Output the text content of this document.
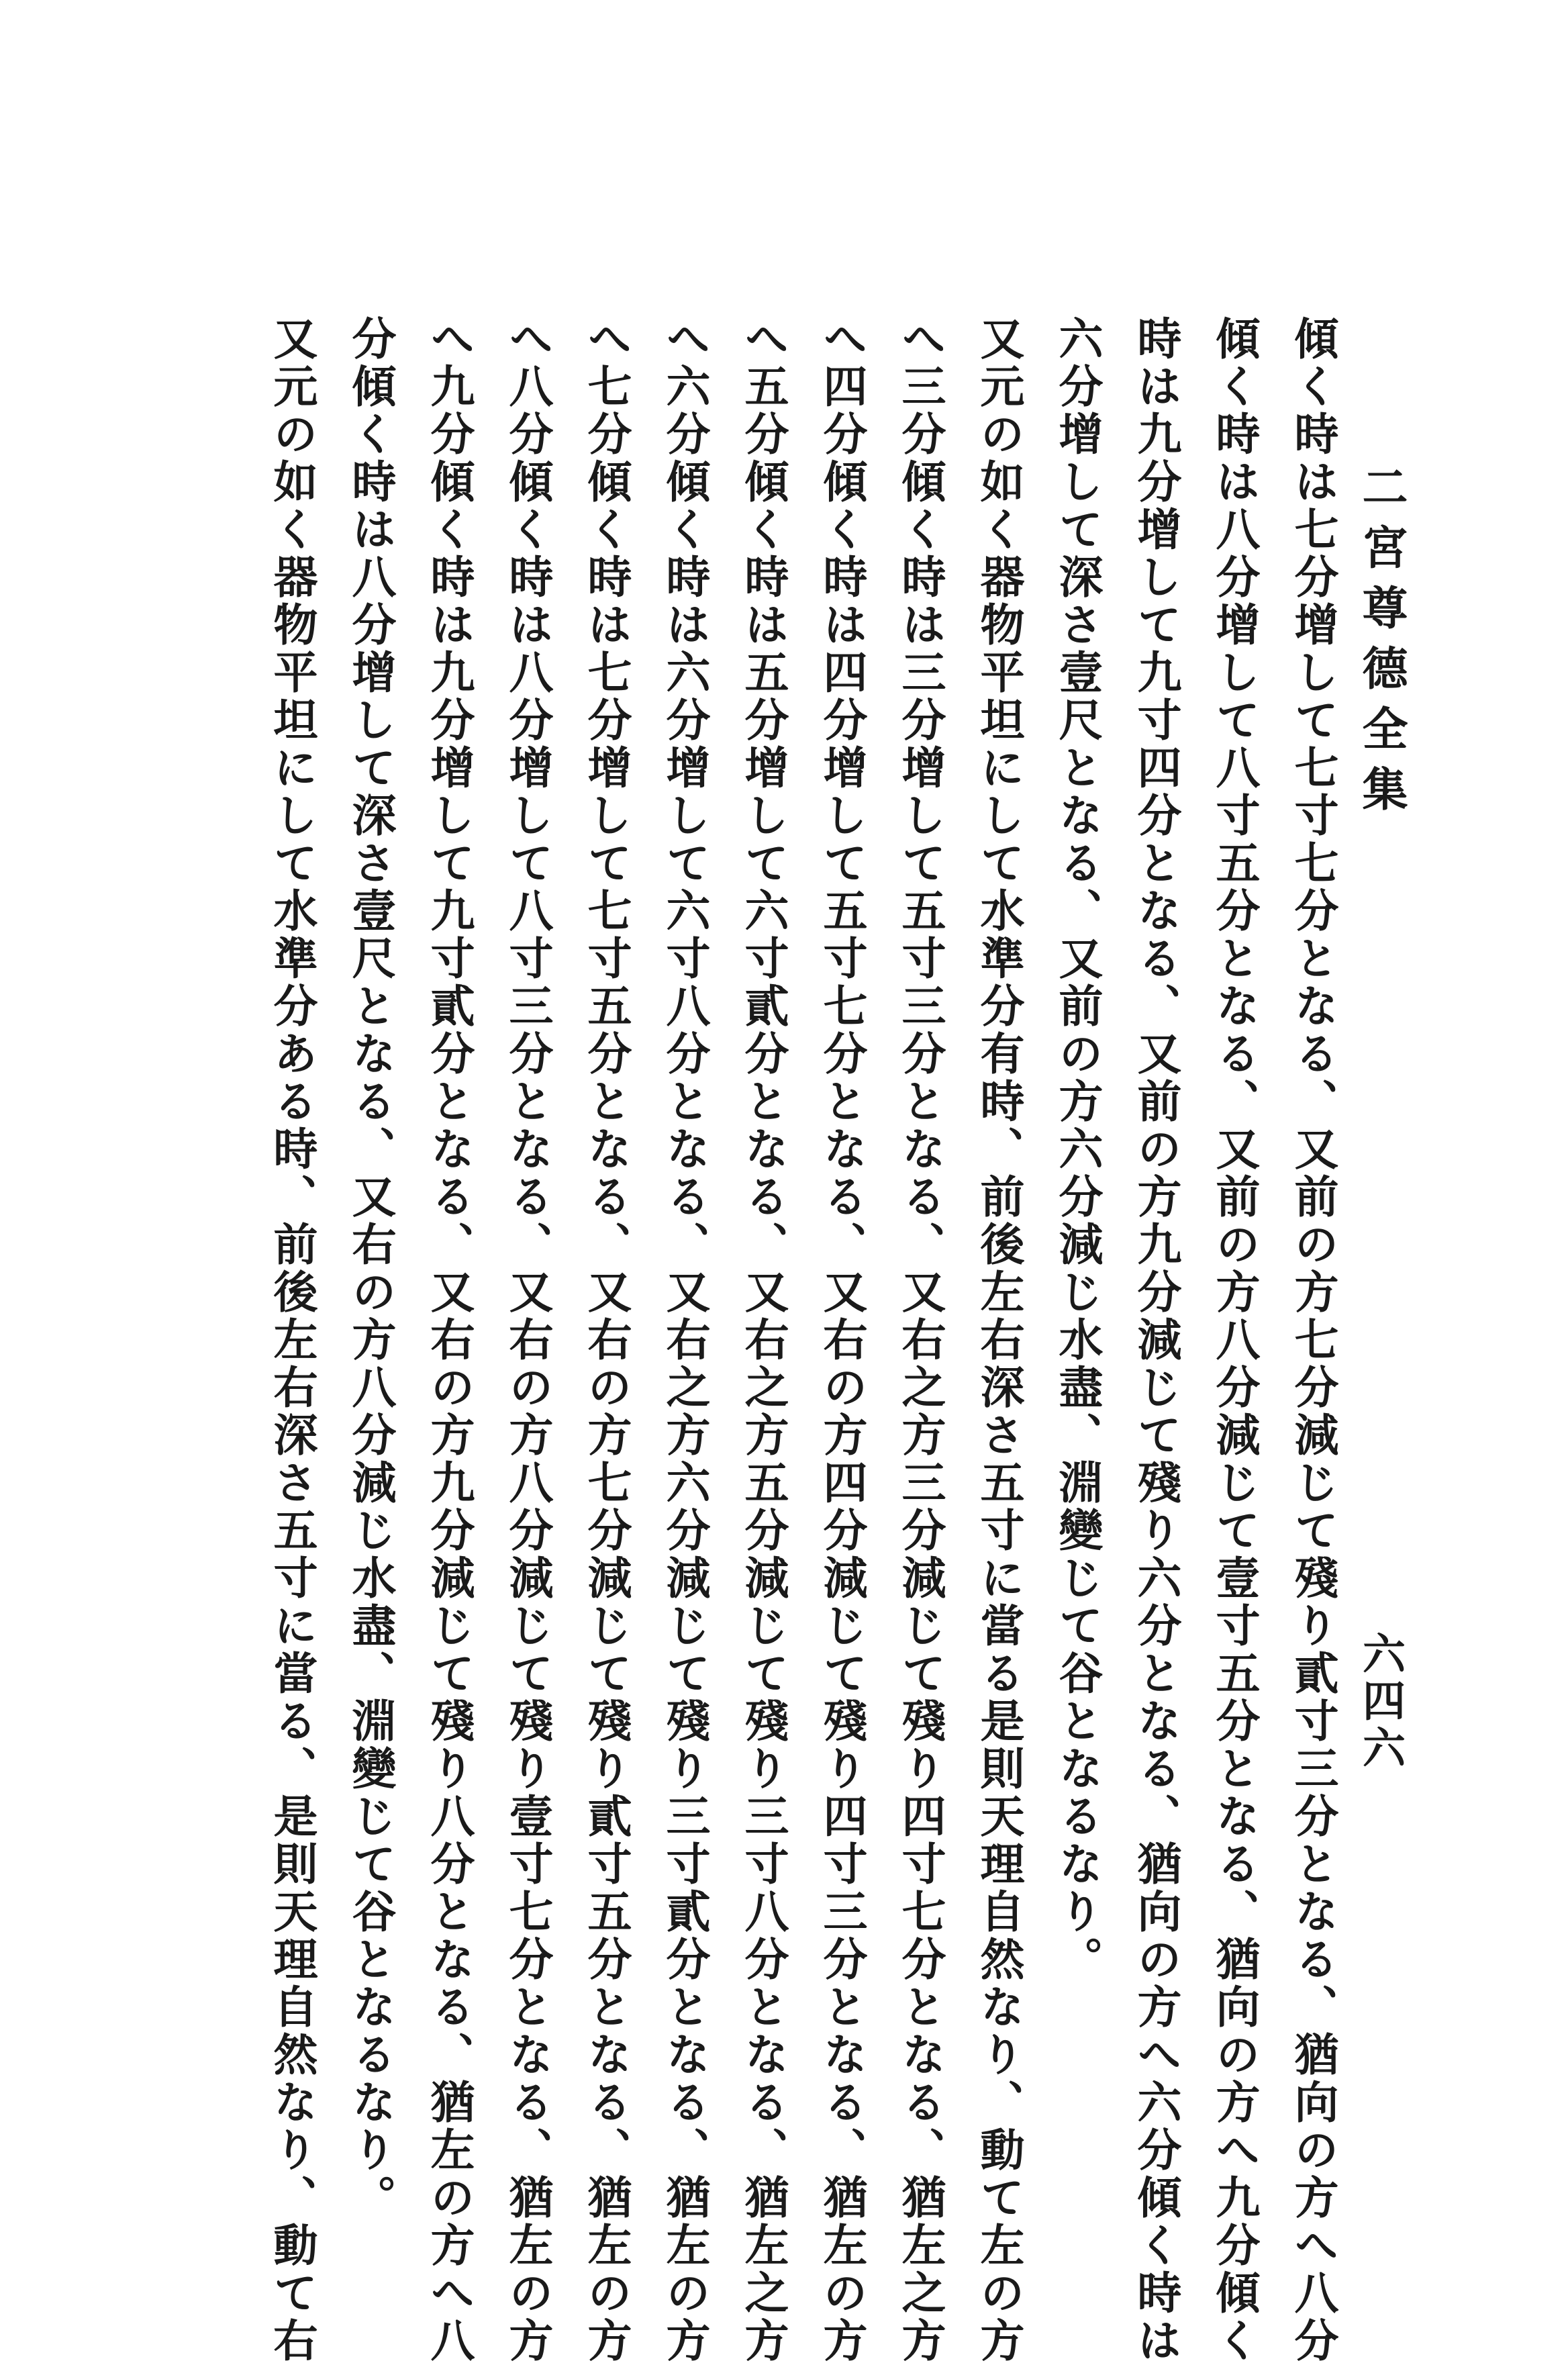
二宮尊德全集
六四六
傾く時は七分增して七寸七分となる、又前の方七分減じて殘り貳寸三分となる、猶向の方へ八分
傾く時は八分增して八寸五分となる、又前の方八分減じて壹寸五分となる、猶向の方へ九分傾く
時は九分增して九寸四分となる、又前の方九分減じて殘り六分となる、猶向の方へ六分傾く時は
六分增して深さ壹尺となる、又前の方六分減じ水盡、淵變じて谷となるなり。
又元の如く器物平坦にして水準分有時、前後左右深さ五寸に當る是則天理自然なり、動て左の方
へ三分傾く時は三分增して五寸三分となる、又右之方三分減じて殘り四寸七分となる、猶左之方
へ四分傾く時は四分增して五寸七分となる、又右の方四分減じて殘り四寸三分となる、猶左の方
へ五分傾く時は五分增して六寸貳分となる、又右之方五分減じて殘り三寸八分となる、猶左之方
へ六分傾く時は六分增して六寸八分となる、又右之方六分減じて殘り三寸貳分となる、猶左の方
へ七分傾く時は七分增して七寸五分となる、又右の方七分減じて殘り貳寸五分となる、猶左の方
へ八分傾く時は八分增して八寸三分となる、又右の方八分減じて殘り壹寸七分となる、猶左の方
へ九分傾く時は九分增して九寸貳分となる、又右の方九分減じて殘り八分となる、猶左の方へ八
分傾く時は八分增して深さ壹尺となる、又右の方八分減じ水盡、淵變じて谷となるなり。
又元の如く器物平坦にして水準分ある時、前後左右深さ五寸に當る、是則天理自然なり、動て右
